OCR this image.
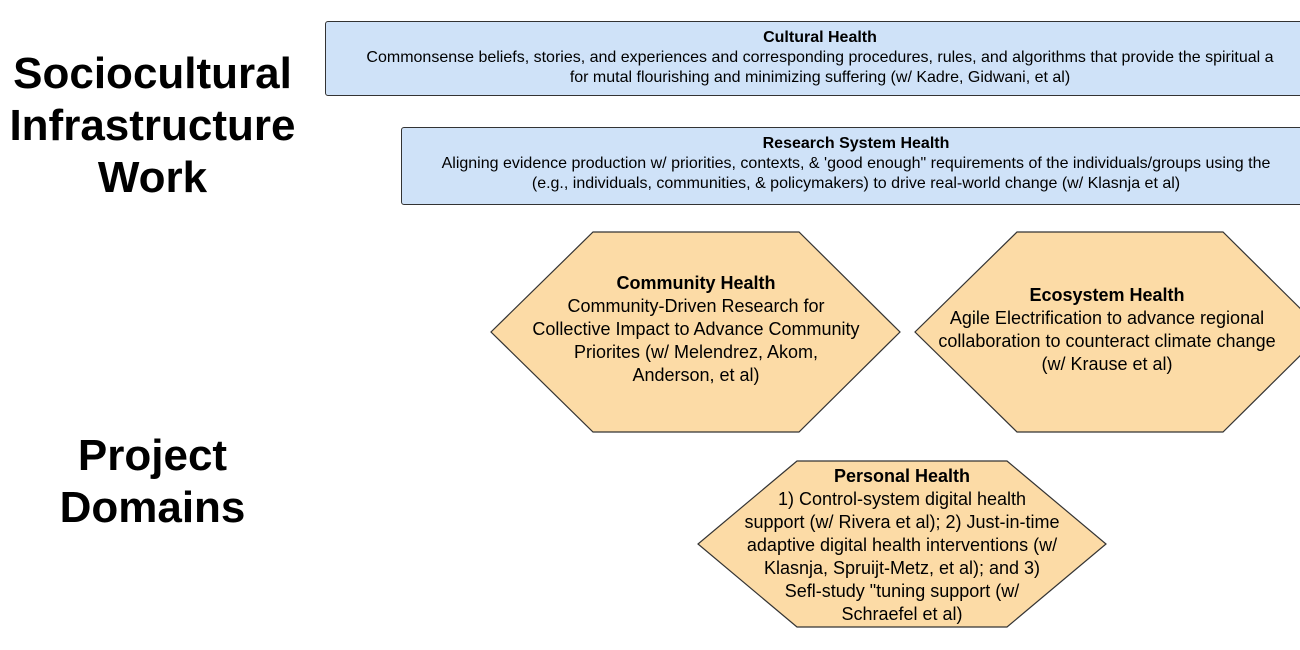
Sociocultural
Infrastructure
Work
Project
Domains
Cultural Health
Commonsense beliefs, stories, and experiences and corresponding procedures, rules, and algorithms that provide the spiritual a
for mutal flourishing and minimizing suffering (w/ Kadre, Gidwani, et al)
Research System Health
Aligning evidence production w/ priorities, contexts, & 'good enough" requirements of the individuals/groups using the
(e.g., individuals, communities, & policymakers) to drive real-world change (w/ Klasnja et al)
Community Health
Community-Driven Research for
Collective Impact to Advance Community
Priorites (w/ Melendrez, Akom,
Anderson, et al)
Ecosystem Health
Agile Electrification to advance regional
collaboration to counteract climate change
(w/ Krause et al)
Personal Health
1) Control-system digital health
support (w/ Rivera et al); 2) Just-in-time
adaptive digital health interventions (w/
Klasnja, Spruijt-Metz, et al); and 3)
Sefl-study "tuning support (w/
Schraefel et al)
